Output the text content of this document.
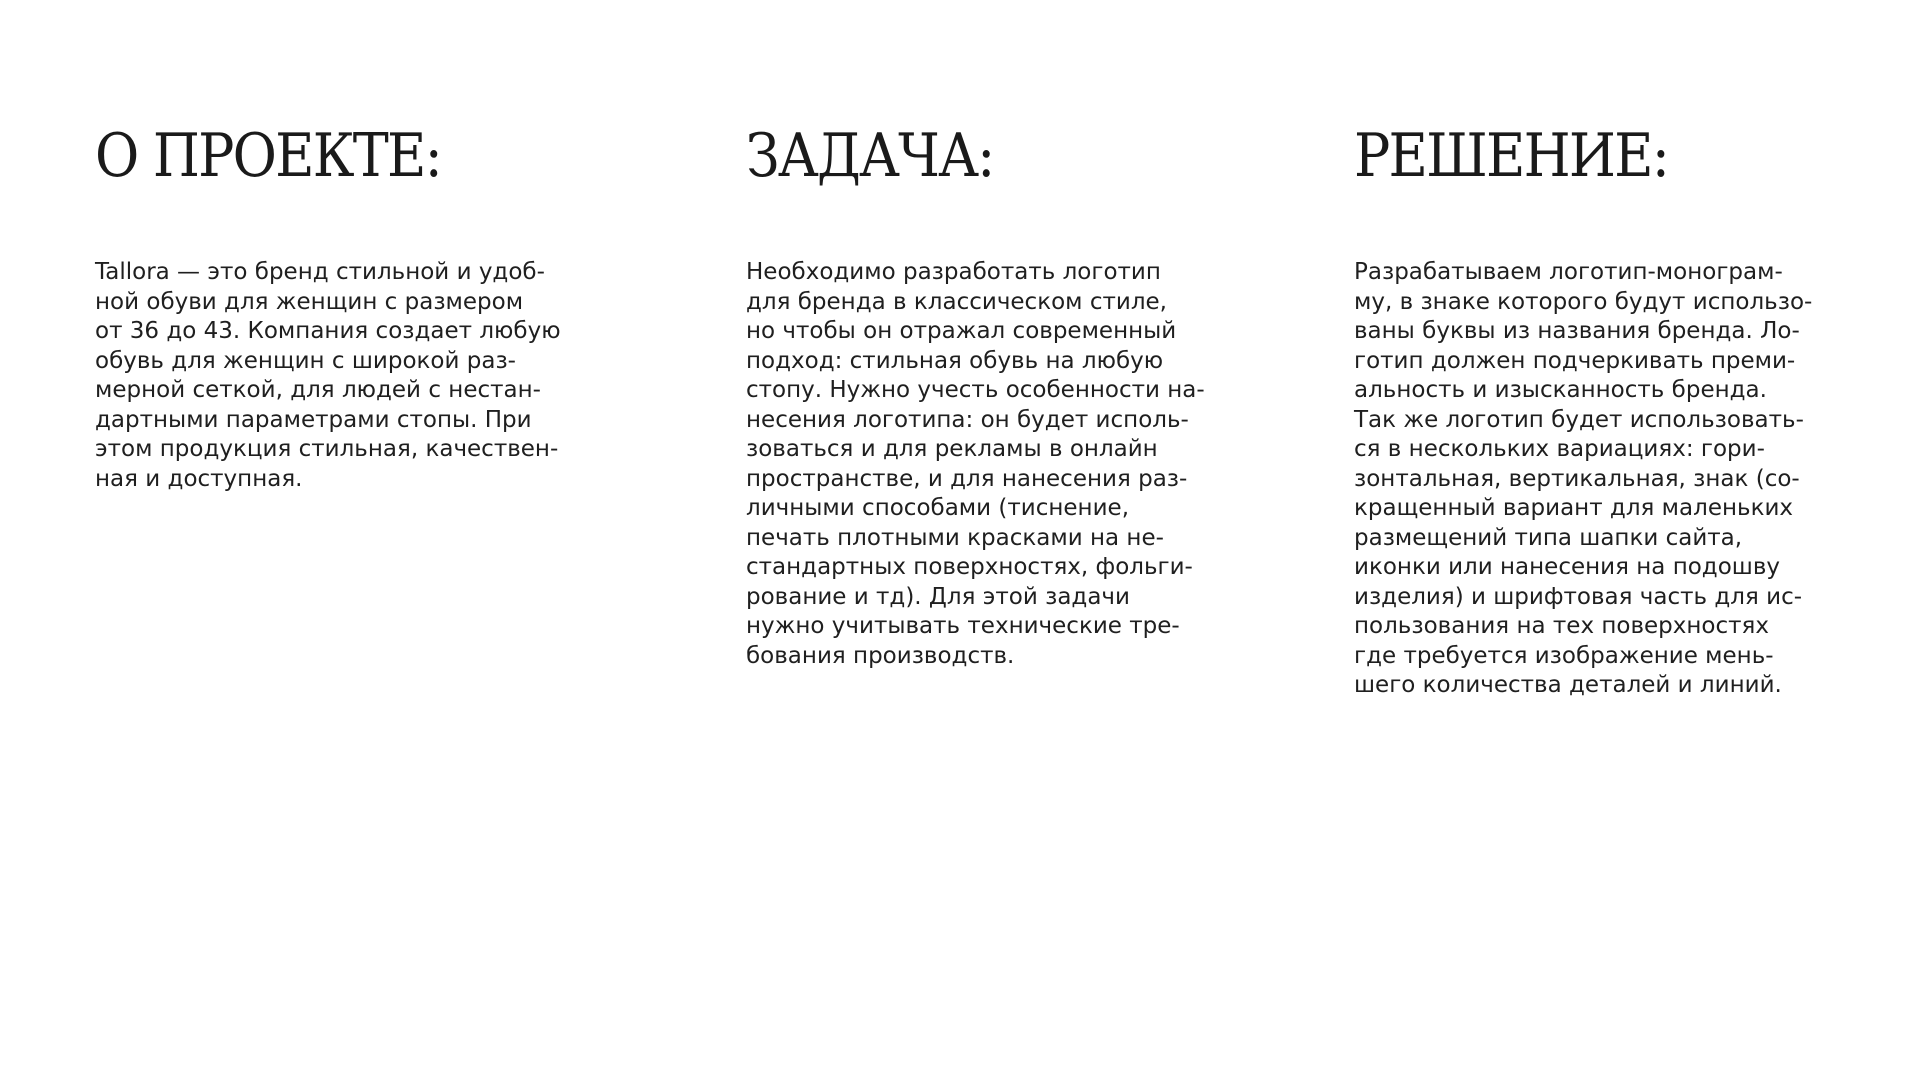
О ПРОЕКТЕ:
Tallora — это бренд стильной и удоб-
ной обуви для женщин с размером
от 36 до 43. Компания создает любую
обувь для женщин с широкой раз-
мерной сеткой, для людей с нестан-
дартными параметрами стопы. При
этом продукция стильная, качествен-
ная и доступная.
ЗАДАЧА:
Необходимо разработать логотип
для бренда в классическом стиле,
но чтобы он отражал современный
подход: стильная обувь на любую
стопу. Нужно учесть особенности на-
несения логотипа: он будет исполь-
зоваться и для рекламы в онлайн
пространстве, и для нанесения раз-
личными способами (тиснение,
печать плотными красками на не-
стандартных поверхностях, фольги-
рование и тд). Для этой задачи
нужно учитывать технические тре-
бования производств.
РЕШЕНИЕ:
Разрабатываем логотип-монограм-
му, в знаке которого будут использо-
ваны буквы из названия бренда. Ло-
готип должен подчеркивать преми-
альность и изысканность бренда.
Так же логотип будет использовать-
ся в нескольких вариациях: гори-
зонтальная, вертикальная, знак (со-
кращенный вариант для маленьких
размещений типа шапки сайта,
иконки или нанесения на подошву
изделия) и шрифтовая часть для ис-
пользования на тех поверхностях
где требуется изображение мень-
шего количества деталей и линий.
